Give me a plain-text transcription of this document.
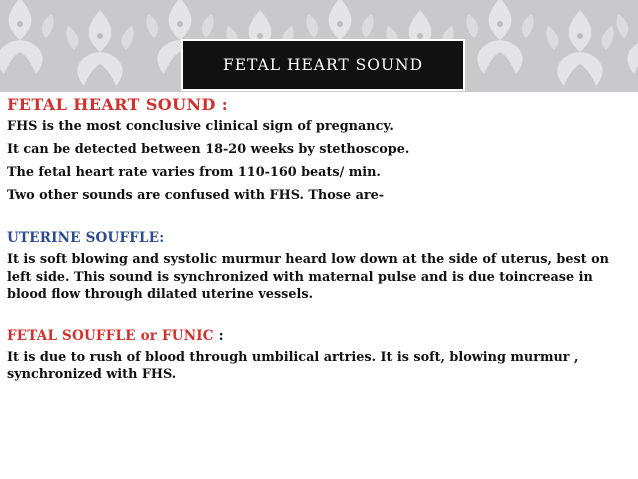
FETAL HEART SOUND

FETAL HEART SOUND :

FHS is the most conclusive clinical sign of pregnancy.

It can be detected between 18-20 weeks by stethoscope.

The fetal heart rate varies from 110-160 beats/ min.

Two other sounds are confused with FHS. Those are-

UTERINE SOUFFLE:

It is soft blowing and systolic murmur heard low down at the side of uterus, best on left side. This sound is synchronized with maternal pulse and is due toincrease in blood flow through dilated uterine vessels.

FETAL SOUFFLE or FUNIC :

It is due to rush of blood through umbilical artries. It is soft, blowing murmur , synchronized with FHS.
